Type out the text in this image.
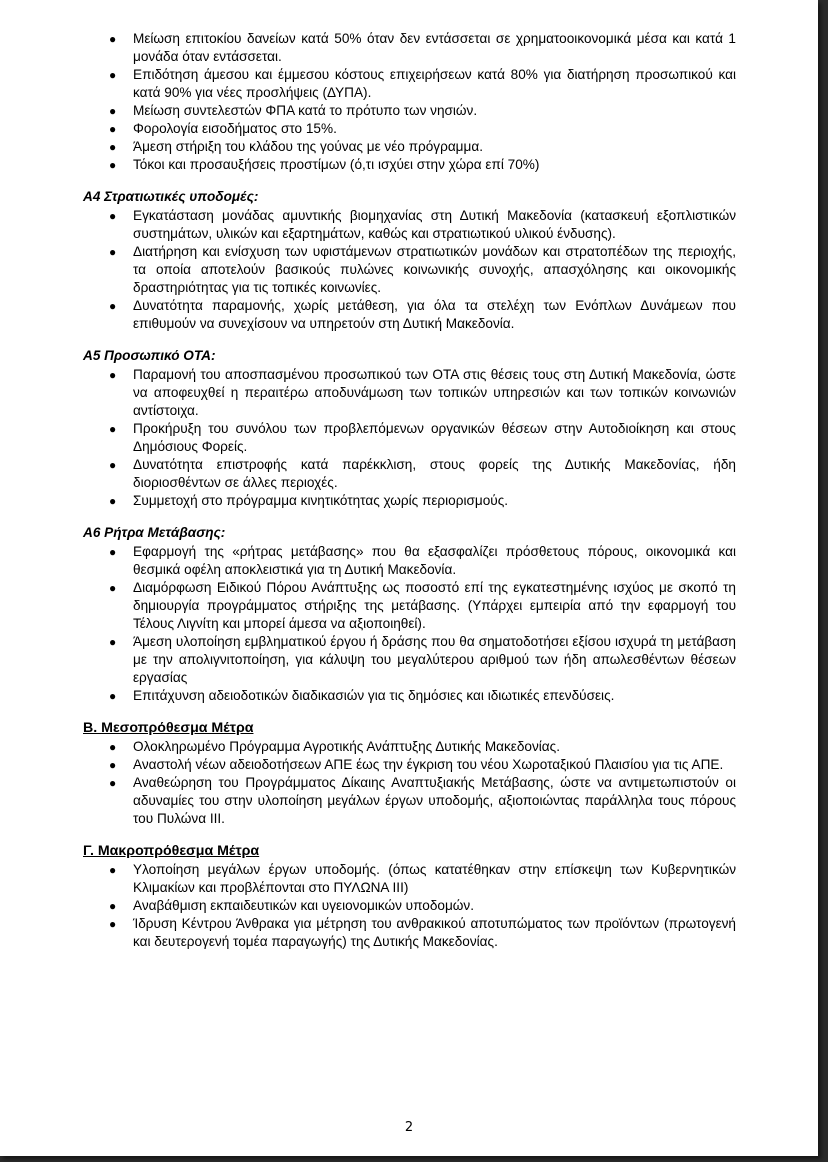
● Μείωση επιτοκίου δανείων κατά 50% όταν δεν εντάσσεται σε χρηματοοικονομικά μέσα και κατά 1 μονάδα όταν εντάσσεται.
● Επιδότηση άμεσου και έμμεσου κόστους επιχειρήσεων κατά 80% για διατήρηση προσωπικού και κατά 90% για νέες προσλήψεις (ΔΥΠΑ).
● Μείωση συντελεστών ΦΠΑ κατά το πρότυπο των νησιών.
● Φορολογία εισοδήματος στο 15%.
● Άμεση στήριξη του κλάδου της γούνας με νέο πρόγραμμα.
● Τόκοι και προσαυξήσεις προστίμων (ό,τι ισχύει στην χώρα επί 70%)
Α4 Στρατιωτικές υποδομές:
● Εγκατάσταση μονάδας αμυντικής βιομηχανίας στη Δυτική Μακεδονία (κατασκευή εξοπλιστικών συστημάτων, υλικών και εξαρτημάτων, καθώς και στρατιωτικού υλικού ένδυσης).
● Διατήρηση και ενίσχυση των υφιστάμενων στρατιωτικών μονάδων και στρατοπέδων της περιοχής, τα οποία αποτελούν βασικούς πυλώνες κοινωνικής συνοχής, απασχόλησης και οικονομικής δραστηριότητας για τις τοπικές κοινωνίες.
● Δυνατότητα παραμονής, χωρίς μετάθεση, για όλα τα στελέχη των Ενόπλων Δυνάμεων που επιθυμούν να συνεχίσουν να υπηρετούν στη Δυτική Μακεδονία.
Α5 Προσωπικό ΟΤΑ:
● Παραμονή του αποσπασμένου προσωπικού των ΟΤΑ στις θέσεις τους στη Δυτική Μακεδονία, ώστε να αποφευχθεί η περαιτέρω αποδυνάμωση των τοπικών υπηρεσιών και των τοπικών κοινωνιών αντίστοιχα.
● Προκήρυξη του συνόλου των προβλεπόμενων οργανικών θέσεων στην Αυτοδιοίκηση και στους Δημόσιους Φορείς.
● Δυνατότητα επιστροφής κατά παρέκκλιση, στους φορείς της Δυτικής Μακεδονίας, ήδη διοριοσθέντων σε άλλες περιοχές.
● Συμμετοχή στο πρόγραμμα κινητικότητας χωρίς περιορισμούς.
Α6 Ρήτρα Μετάβασης:
● Εφαρμογή της «ρήτρας μετάβασης» που θα εξασφαλίζει πρόσθετους πόρους, οικονομικά και θεσμικά οφέλη αποκλειστικά για τη Δυτική Μακεδονία.
● Διαμόρφωση Ειδικού Πόρου Ανάπτυξης ως ποσοστό επί της εγκατεστημένης ισχύος με σκοπό τη δημιουργία προγράμματος στήριξης της μετάβασης. (Υπάρχει εμπειρία από την εφαρμογή του Τέλους Λιγνίτη και μπορεί άμεσα να αξιοποιηθεί).
● Άμεση υλοποίηση εμβληματικού έργου ή δράσης που θα σηματοδοτήσει εξίσου ισχυρά τη μετάβαση με την απολιγνιτοποίηση, για κάλυψη του μεγαλύτερου αριθμού των ήδη απωλεσθέντων θέσεων εργασίας
● Επιτάχυνση αδειοδοτικών διαδικασιών για τις δημόσιες και ιδιωτικές επενδύσεις.
Β. Μεσοπρόθεσμα Μέτρα
● Ολοκληρωμένο Πρόγραμμα Αγροτικής Ανάπτυξης Δυτικής Μακεδονίας.
● Αναστολή νέων αδειοδοτήσεων ΑΠΕ έως την έγκριση του νέου Χωροταξικού Πλαισίου για τις ΑΠΕ.
● Αναθεώρηση του Προγράμματος Δίκαιης Αναπτυξιακής Μετάβασης, ώστε να αντιμετωπιστούν οι αδυναμίες του στην υλοποίηση μεγάλων έργων υποδομής, αξιοποιώντας παράλληλα τους πόρους του Πυλώνα ΙΙΙ.
Γ. Μακροπρόθεσμα Μέτρα
● Υλοποίηση μεγάλων έργων υποδομής. (όπως κατατέθηκαν στην επίσκεψη των Κυβερνητικών Κλιμακίων και προβλέπονται στο ΠΥΛΩΝΑ ΙΙΙ)
● Αναβάθμιση εκπαιδευτικών και υγειονομικών υποδομών.
● Ίδρυση Κέντρου Άνθρακα για μέτρηση του ανθρακικού αποτυπώματος των προϊόντων (πρωτογενή και δευτερογενή τομέα παραγωγής) της Δυτικής Μακεδονίας.
2
